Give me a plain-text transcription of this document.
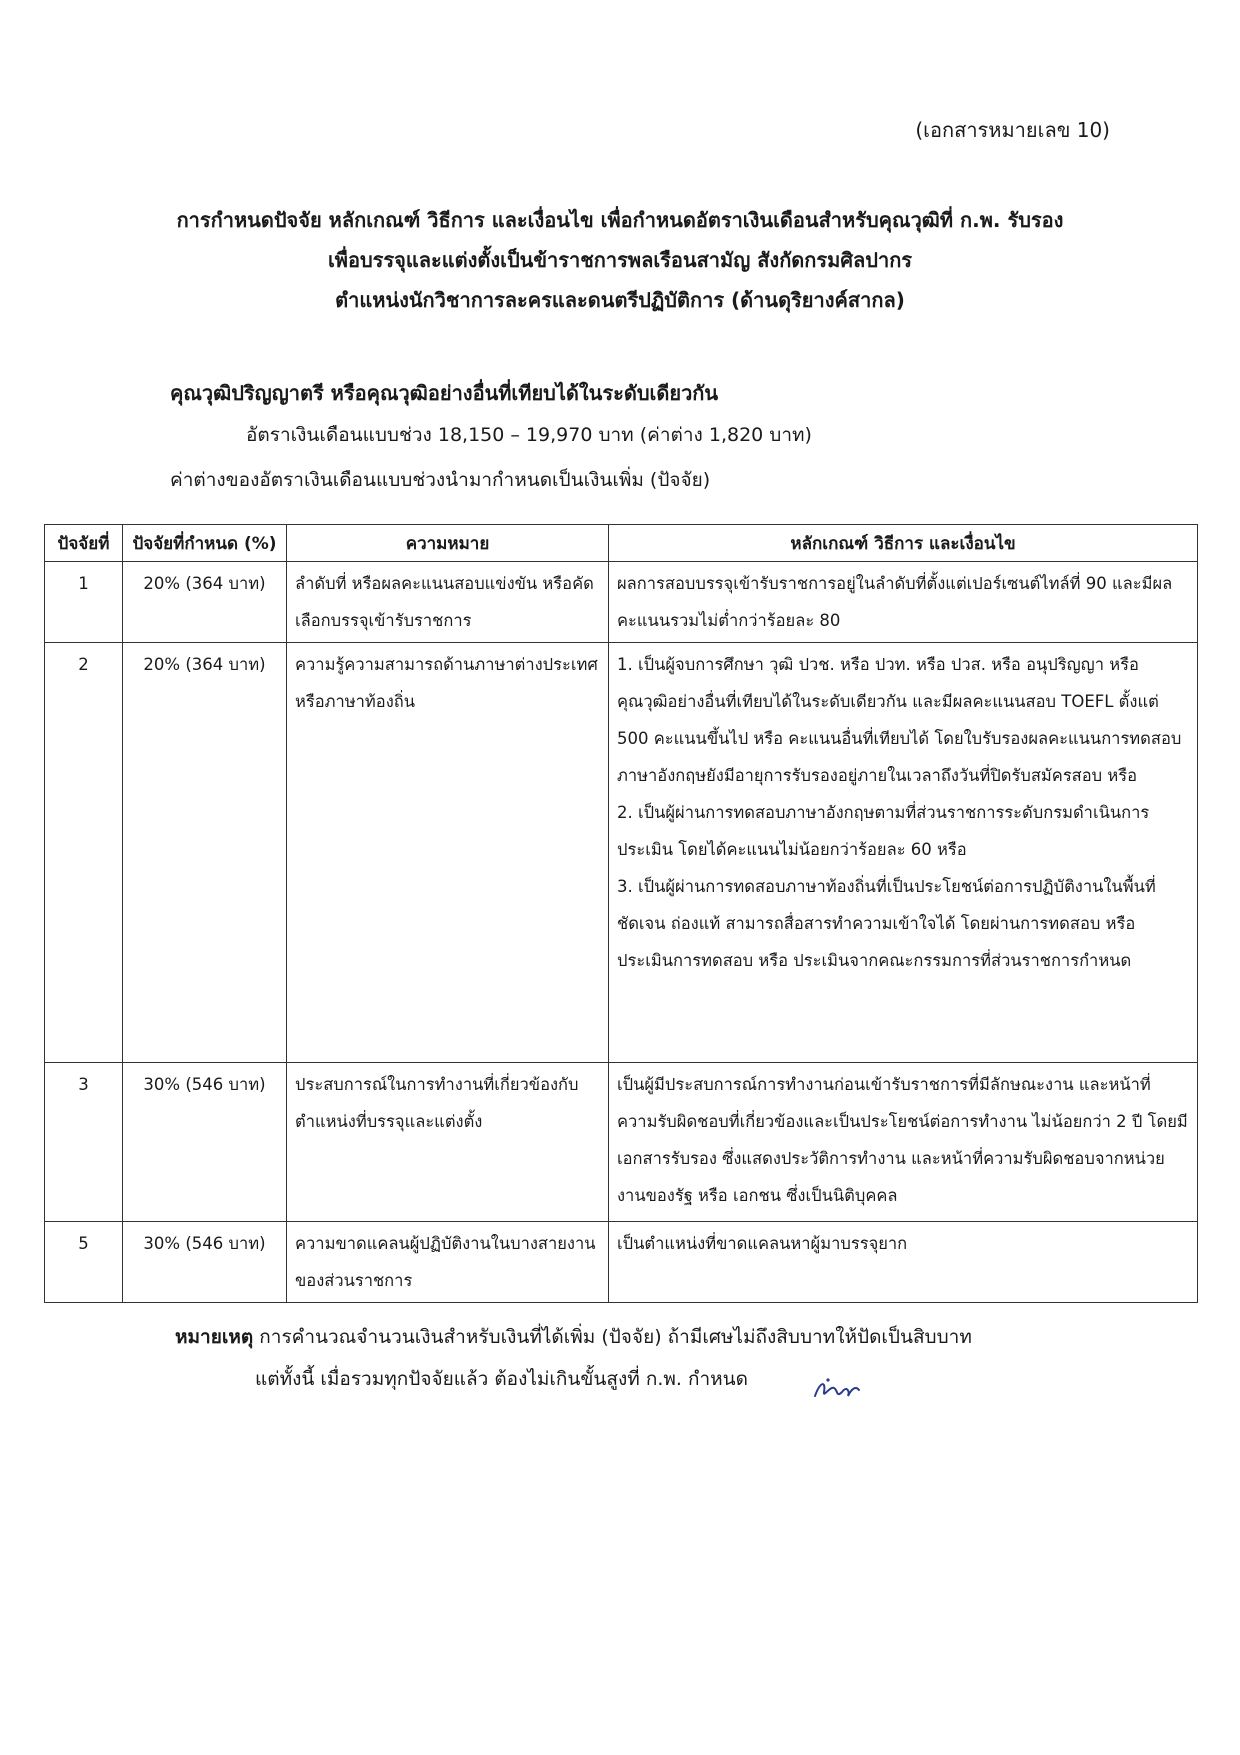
(เอกสารหมายเลข 10)
การกำหนดปัจจัย หลักเกณฑ์ วิธีการ และเงื่อนไข เพื่อกำหนดอัตราเงินเดือนสำหรับคุณวุฒิที่ ก.พ. รับรอง
เพื่อบรรจุและแต่งตั้งเป็นข้าราชการพลเรือนสามัญ สังกัดกรมศิลปากร
ตำแหน่งนักวิชาการละครและดนตรีปฏิบัติการ (ด้านดุริยางค์สากล)
คุณวุฒิปริญญาตรี หรือคุณวุฒิอย่างอื่นที่เทียบได้ในระดับเดียวกัน
อัตราเงินเดือนแบบช่วง 18,150 – 19,970 บาท (ค่าต่าง 1,820 บาท)
ค่าต่างของอัตราเงินเดือนแบบช่วงนำมากำหนดเป็นเงินเพิ่ม (ปัจจัย)
ปัจจัยที่	ปัจจัยที่กำหนด (%)	ความหมาย	หลักเกณฑ์ วิธีการ และเงื่อนไข
1	20% (364 บาท)	ลำดับที่ หรือผลคะแนนสอบแข่งขัน หรือคัดเลือกบรรจุเข้ารับราชการ	ผลการสอบบรรจุเข้ารับราชการอยู่ในลำดับที่ตั้งแต่เปอร์เซนต์ไทล์ที่ 90 และมีผลคะแนนรวมไม่ต่ำกว่าร้อยละ 80

2	20% (364 บาท)	ความรู้ความสามารถด้านภาษาต่างประเทศ หรือภาษาท้องถิ่น	1. เป็นผู้จบการศึกษา วุฒิ ปวช. หรือ ปวท. หรือ ปวส. หรือ อนุปริญญา หรือ คุณวุฒิอย่างอื่นที่เทียบได้ในระดับเดียวกัน และมีผลคะแนนสอบ TOEFL ตั้งแต่ 500 คะแนนขึ้นไป หรือ คะแนนอื่นที่เทียบได้ โดยใบรับรองผลคะแนนการทดสอบภาษาอังกฤษยังมีอายุการรับรองอยู่ภายในเวลาถึงวันที่ปิดรับสมัครสอบ หรือ

2. เป็นผู้ผ่านการทดสอบภาษาอังกฤษตามที่ส่วนราชการระดับกรมดำเนินการประเมิน โดยได้คะแนนไม่น้อยกว่าร้อยละ 60 หรือ

3. เป็นผู้ผ่านการทดสอบภาษาท้องถิ่นที่เป็นประโยชน์ต่อการปฏิบัติงานในพื้นที่ชัดเจน ถ่องแท้ สามารถสื่อสารทำความเข้าใจได้ โดยผ่านการทดสอบ หรือ ประเมินการทดสอบ หรือ ประเมินจากคณะกรรมการที่ส่วนราชการกำหนด

3	30% (546 บาท)	ประสบการณ์ในการทำงานที่เกี่ยวข้องกับตำแหน่งที่บรรจุและแต่งตั้ง	เป็นผู้มีประสบการณ์การทำงานก่อนเข้ารับราชการที่มีลักษณะงาน และหน้าที่ความรับผิดชอบที่เกี่ยวข้องและเป็นประโยชน์ต่อการทำงาน ไม่น้อยกว่า 2 ปี โดยมีเอกสารรับรอง ซึ่งแสดงประวัติการทำงาน และหน้าที่ความรับผิดชอบจากหน่วยงานของรัฐ หรือ เอกชน ซึ่งเป็นนิติบุคคล

5	30% (546 บาท)	ความขาดแคลนผู้ปฏิบัติงานในบางสายงานของส่วนราชการ	เป็นตำแหน่งที่ขาดแคลนหาผู้มาบรรจุยาก

หมายเหตุ การคำนวณจำนวนเงินสำหรับเงินที่ได้เพิ่ม (ปัจจัย) ถ้ามีเศษไม่ถึงสิบบาทให้ปัดเป็นสิบบาท
แต่ทั้งนี้ เมื่อรวมทุกปัจจัยแล้ว ต้องไม่เกินขั้นสูงที่ ก.พ. กำหนด
